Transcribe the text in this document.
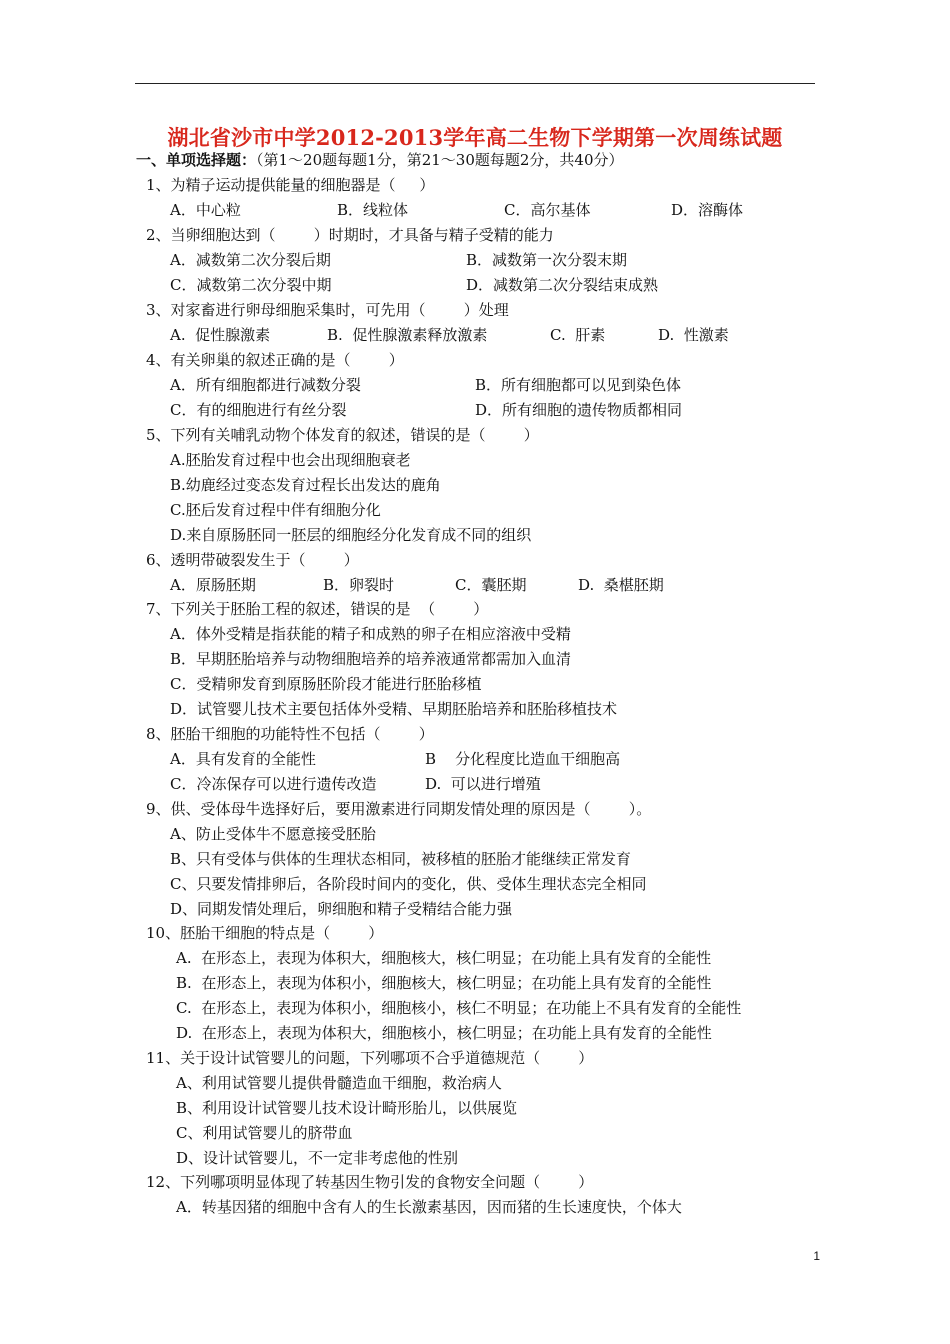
湖北省沙市中学2012-2013学年高二生物下学期第一次周练试题
一、单项选择题：（第1～20题每题1分，第21～30题每题2分，共40分）
1、为精子运动提供能量的细胞器是（     ）
A．中心粒	B．线粒体	C．高尔基体	D．溶酶体
2、当卵细胞达到（        ）时期时，才具备与精子受精的能力
A．减数第二次分裂后期	B．减数第一次分裂末期
C．减数第二次分裂中期	D．减数第二次分裂结束成熟
3、对家畜进行卵母细胞采集时，可先用（        ）处理
A.  促性腺激素	B.  促性腺激素释放激素	C.  肝素	D.  性激素
4、有关卵巢的叙述正确的是（        ）
A．所有细胞都进行减数分裂	B．所有细胞都可以见到染色体
C．有的细胞进行有丝分裂	D．所有细胞的遗传物质都相同
5、下列有关哺乳动物个体发育的叙述，错误的是（        ）
A.胚胎发育过程中也会出现细胞衰老
B.幼鹿经过变态发育过程长出发达的鹿角
C.胚后发育过程中伴有细胞分化
D.来自原肠胚同一胚层的细胞经分化发育成不同的组织
6、透明带破裂发生于（        ）
A．原肠胚期	B．卵裂时	C．囊胚期	D.  桑椹胚期
7、下列关于胚胎工程的叙述，错误的是  （        ）
A．体外受精是指获能的精子和成熟的卵子在相应溶液中受精
B．早期胚胎培养与动物细胞培养的培养液通常都需加入血清
C．受精卵发育到原肠胚阶段才能进行胚胎移植
D．试管婴儿技术主要包括体外受精、早期胚胎培养和胚胎移植技术
8、胚胎干细胞的功能特性不包括（        ）
A．具有发育的全能性	B    分化程度比造血干细胞高
C．冷冻保存可以进行遗传改造	D.  可以进行增殖
9、供、受体母牛选择好后，要用激素进行同期发情处理的原因是（        ）。
A、防止受体牛不愿意接受胚胎
B、只有受体与供体的生理状态相同，被移植的胚胎才能继续正常发育
C、只要发情排卵后，各阶段时间内的变化，供、受体生理状态完全相同
D、同期发情处理后，卵细胞和精子受精结合能力强
10、胚胎干细胞的特点是（        ）
A.  在形态上，表现为体积大，细胞核大，核仁明显；在功能上具有发育的全能性
B.  在形态上，表现为体积小，细胞核大，核仁明显；在功能上具有发育的全能性
C.  在形态上，表现为体积小，细胞核小，核仁不明显；在功能上不具有发育的全能性
D.  在形态上，表现为体积大，细胞核小，核仁明显；在功能上具有发育的全能性
11、关于设计试管婴儿的问题，下列哪项不合乎道德规范（        ）
A、利用试管婴儿提供骨髓造血干细胞，救治病人
B、利用设计试管婴儿技术设计畸形胎儿，以供展览
C、利用试管婴儿的脐带血
D、设计试管婴儿，不一定非考虑他的性别
12、下列哪项明显体现了转基因生物引发的食物安全问题（        ）
A．转基因猪的细胞中含有人的生长激素基因，因而猪的生长速度快，个体大
1
